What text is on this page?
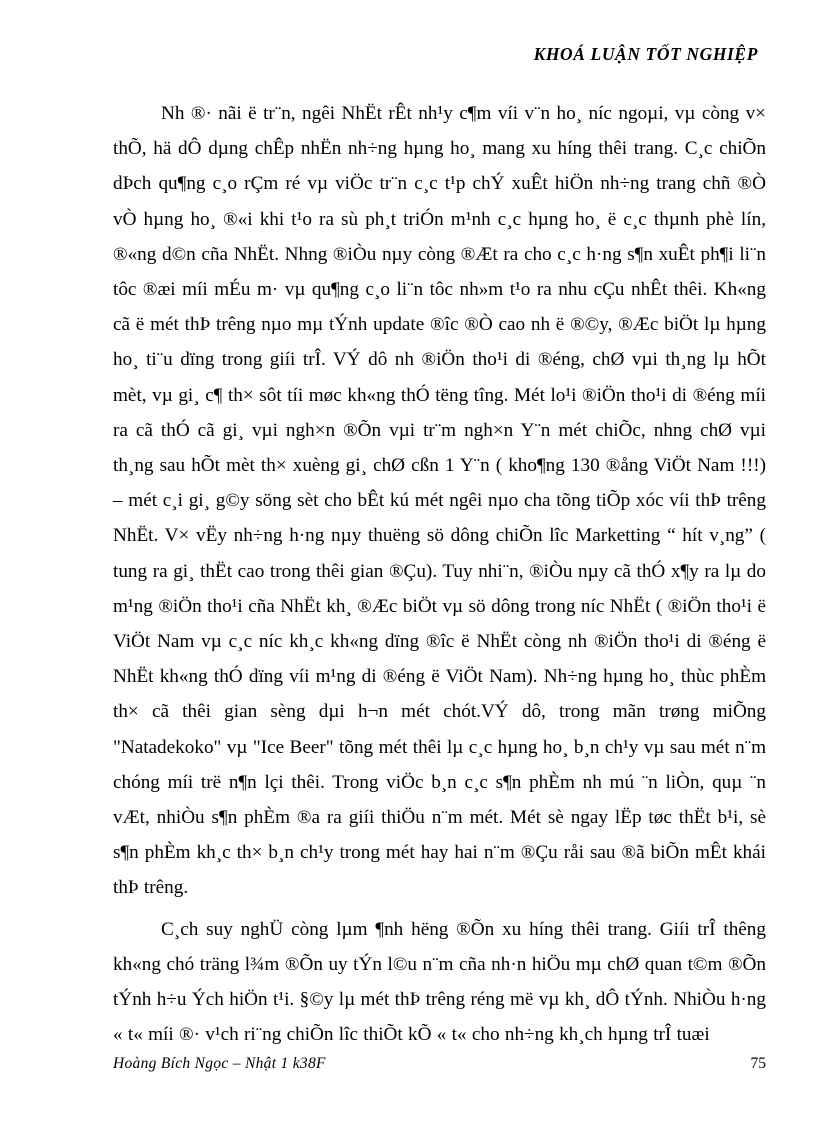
KHOÁ LUẬN TỐT NGHIỆP

Nh ®· nãi ë tr¨n, ngêi NhËt rÊt nh¹y c¶m víi v¨n ho¸ níc ngoµi, vµ còng v× thÕ, hä dÔ dµng chÊp nhËn nh÷ng hµng ho¸ mang xu híng thêi trang. C¸c chiÕn dÞch qu¶ng c¸o rÇm ré vµ viÖc tr¨n c¸c t¹p chÝ xuÊt hiÖn nh÷ng trang chñ ®Ò vÒ hµng ho¸ ®«i khi t¹o ra sù ph¸t triÓn m¹nh c¸c hµng ho¸ ë c¸c thµnh phè lín, ®«ng d©n cña NhËt. Nhng ®iÒu nµy còng ®Æt ra cho c¸c h·ng s¶n xuÊt ph¶i li¨n tôc ®æi míi mÉu m· vµ qu¶ng c¸o li¨n tôc nh»m t¹o ra nhu cÇu nhÊt thêi. Kh«ng cã ë mét thÞ trêng nµo mµ tÝnh update ®îc ®Ò cao nh ë ®©y, ®Æc biÖt lµ hµng ho¸ ti¨u dïng trong giíi trÎ. VÝ dô nh ®iÖn tho¹i di ®éng, chØ vµi th¸ng lµ hÕt mèt, vµ gi¸ c¶ th× sôt tíi møc kh«ng thÓ tëng tîng. Mét lo¹i ®iÖn tho¹i di ®éng míi ra cã thÓ cã gi¸ vµi ngh×n ®Õn vµi tr¨m ngh×n Y¨n mét chiÕc, nhng chØ vµi th¸ng sau hÕt mèt th× xuèng gi¸ chØ cßn 1 Y¨n ( kho¶ng 130 ®ång ViÖt Nam !!!) – mét c¸i gi¸ g©y söng sèt cho bÊt kú mét ngêi nµo cha tõng tiÕp xóc víi thÞ trêng NhËt. V× vËy nh÷ng h·ng nµy thuëng sö dông chiÕn lîc Marketting “ hít v¸ng” ( tung ra gi¸ thËt cao trong thêi gian ®Çu). Tuy nhi¨n, ®iÒu nµy cã thÓ x¶y ra lµ do m¹ng ®iÖn tho¹i cña NhËt kh¸ ®Æc biÖt vµ sö dông trong níc NhËt ( ®iÖn tho¹i ë ViÖt Nam vµ c¸c níc kh¸c kh«ng dïng ®îc ë NhËt còng nh ®iÖn tho¹i di ®éng ë NhËt kh«ng thÓ dïng víi m¹ng di ®éng ë ViÖt Nam). Nh÷ng hµng ho¸ thùc phÈm th× cã thêi gian sèng dµi h¬n mét chót.VÝ dô, trong mãn trøng miÕng "Natadekoko" vµ "Ice Beer" tõng mét thêi lµ c¸c hµng ho¸ b¸n ch¹y vµ sau mét n¨m chóng míi trë n¶n lçi thêi. Trong viÖc b¸n c¸c s¶n phÈm nh mú ¨n liÒn, quµ ¨n vÆt, nhiÒu s¶n phÈm ®a ra giíi thiÖu n¨m mét. Mét sè ngay lËp tøc thËt b¹i, sè s¶n phÈm kh¸c th× b¸n ch¹y trong mét hay hai n¨m ®Çu råi sau ®ã biÕn mÊt khái thÞ trêng.

C¸ch suy nghÜ còng lµm ¶nh hëng ®Õn xu híng thêi trang. Giíi trÎ thêng kh«ng chó träng l¾m ®Õn uy tÝn l©u n¨m cña nh·n hiÖu mµ chØ quan t©m ®Õn tÝnh h÷u Ých hiÖn t¹i. §©y lµ mét thÞ trêng réng më vµ kh¸ dÔ tÝnh. NhiÒu h·ng « t« míi ®· v¹ch ri¨ng chiÕn lîc thiÕt kÕ « t« cho nh÷ng kh¸ch hµng trÎ tuæi

Hoàng Bích Ngọc – Nhật 1 k38F	75
